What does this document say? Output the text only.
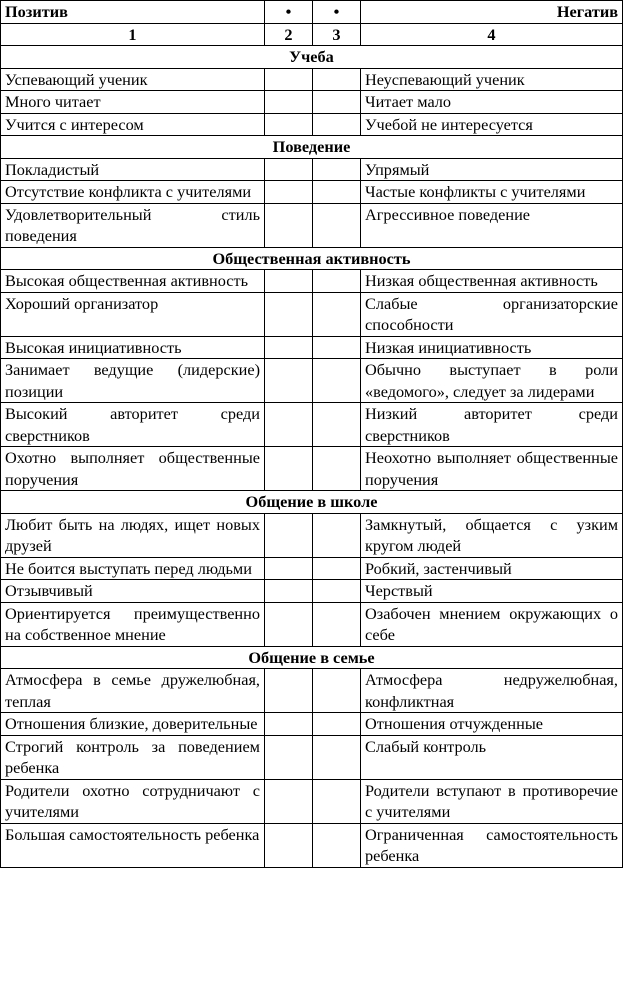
Позитив	•	•	Негатив
1	2	3	4
Учеба			
Успевающий ученик			Неуспевающий ученик
Много читает			Читает мало
Учится с интересом			Учебой не интересуется
Поведение			
Покладистый			Упрямый
Отсутствие конфликта с учителями			Частые конфликты с учителями
Удовлетворительный стиль поведения			Агрессивное поведение
Общественная активность			
Высокая общественная активность			Низкая общественная активность
Хороший организатор			Слабые организаторские способности
Высокая инициативность			Низкая инициативность
Занимает ведущие (лидерские) позиции			Обычно выступает в роли «ведомого», следует за лидерами
Высокий авторитет среди сверстников			Низкий авторитет среди сверстников
Охотно выполняет общественные поручения			Неохотно выполняет общественные поручения
Общение в школе			
Любит быть на людях, ищет новых друзей			Замкнутый, общается с узким кругом людей
Не боится выступать перед людьми			Робкий, застенчивый
Отзывчивый			Черствый
Ориентируется преимущественно на собственное мнение			Озабочен мнением окружающих о себе
Общение в семье			
Атмосфера в семье дружелюбная, теплая			Атмосфера недружелюбная, конфликтная
Отношения близкие, доверительные			Отношения отчужденные
Строгий контроль за поведением ребенка			Слабый контроль
Родители охотно сотрудничают с учителями			Родители вступают в противоречие с учителями
Большая самостоятельность ребенка			Ограниченная самостоятельность ребенка
